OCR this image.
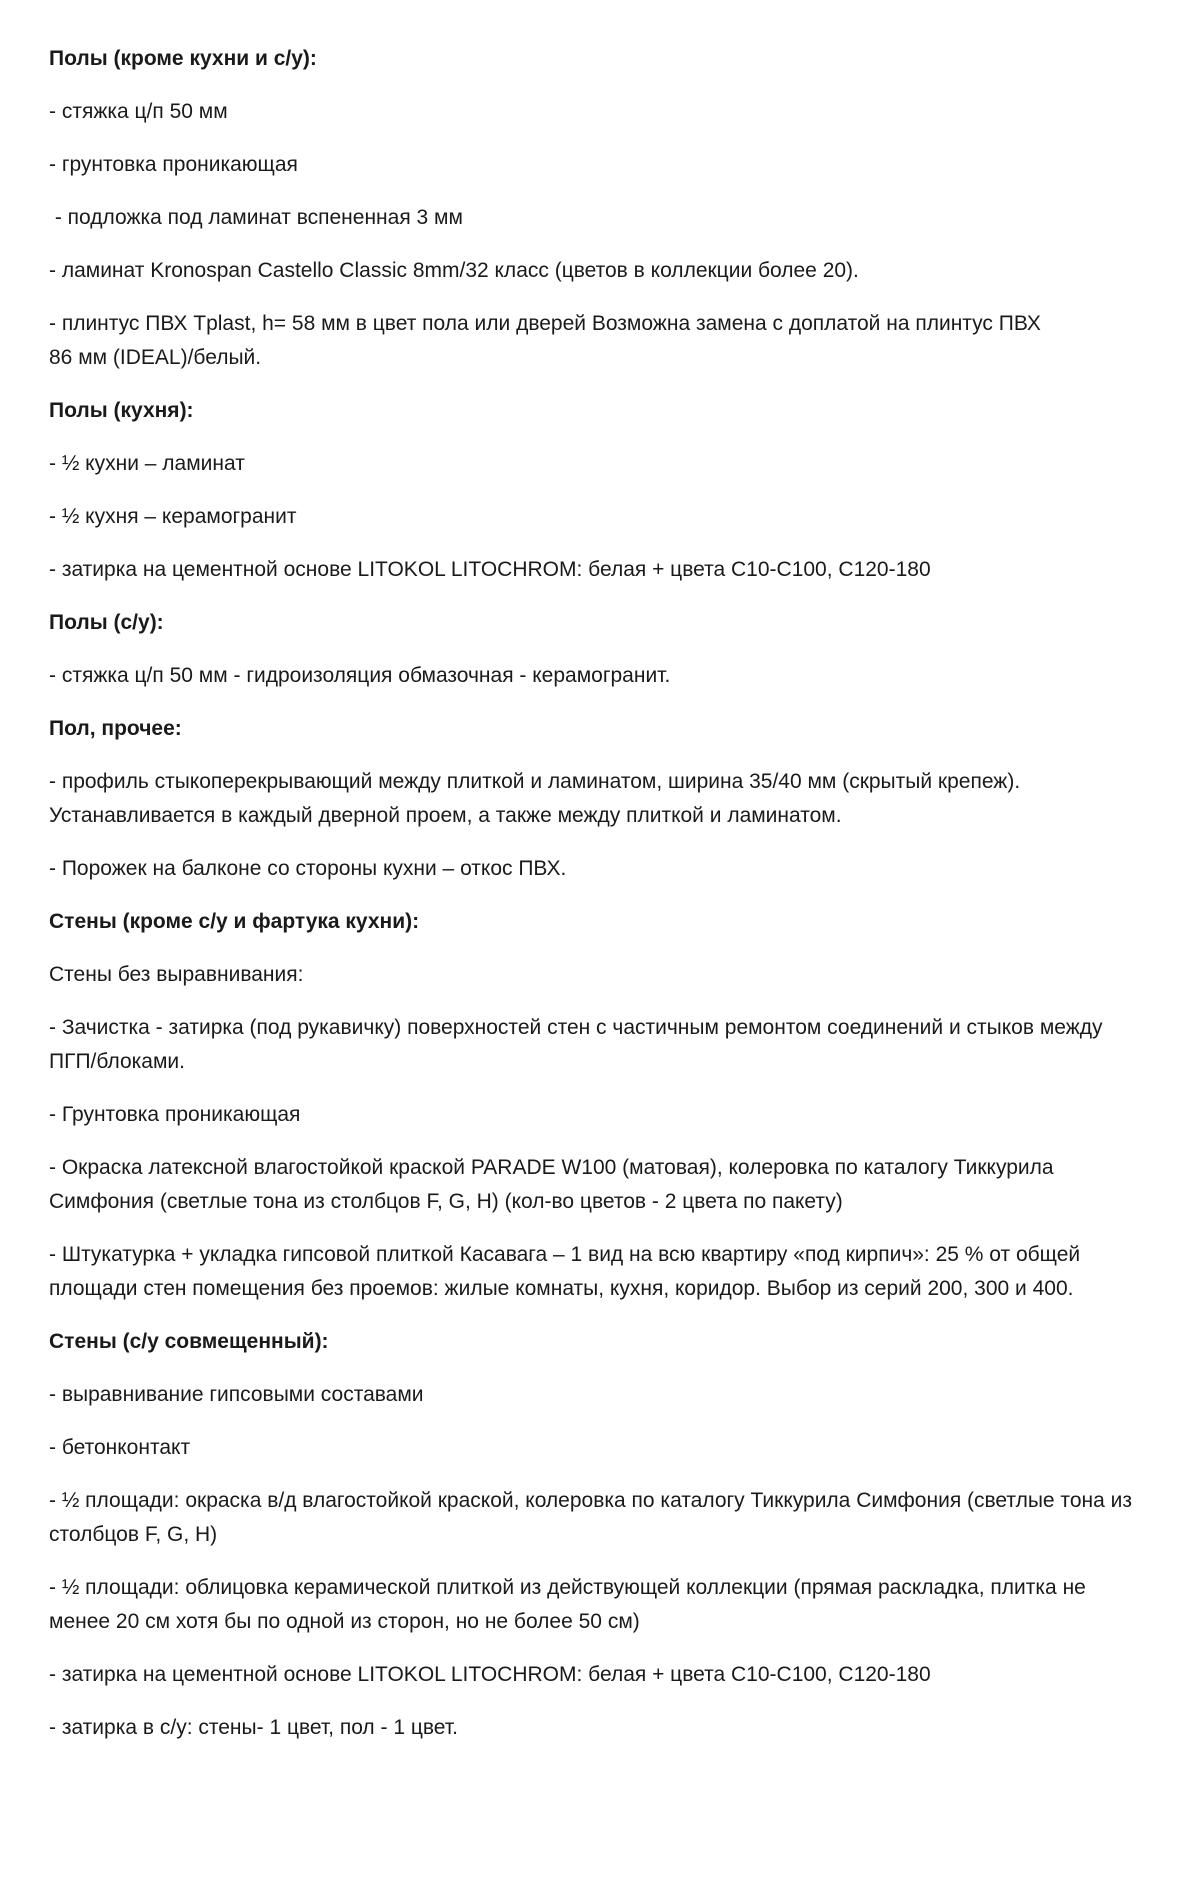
Полы (кроме кухни и с/у):
- стяжка ц/п 50 мм
- грунтовка проникающая
- подложка под ламинат вспененная 3 мм
- ламинат Kronospan Castello Classic 8mm/32 класс (цветов в коллекции более 20).
- плинтус ПВХ Tplast, h= 58 мм в цвет пола или дверей Возможна замена с доплатой на плинтус ПВХ 86 мм (IDEAL)/белый.
Полы (кухня):
- ½ кухни – ламинат
- ½ кухня – керамогранит
- затирка на цементной основе LITOKOL LITOCHROM: белая + цвета С10-С100, С120-180
Полы (с/у):
- стяжка ц/п 50 мм - гидроизоляция обмазочная - керамогранит.
Пол, прочее:
- профиль стыкоперекрывающий между плиткой и ламинатом, ширина 35/40 мм (скрытый крепеж). Устанавливается в каждый дверной проем, а также между плиткой и ламинатом.
- Порожек на балконе со стороны кухни – откос ПВХ.
Стены (кроме с/у и фартука кухни):
Стены без выравнивания:
- Зачистка - затирка (под рукавичку) поверхностей стен с частичным ремонтом соединений и стыков между ПГП/блоками.
- Грунтовка проникающая
- Окраска латексной влагостойкой краской PARADE W100 (матовая), колеровка по каталогу Тиккурила Симфония (светлые тона из столбцов F, G, H) (кол-во цветов - 2 цвета по пакету)
- Штукатурка + укладка гипсовой плиткой Касавага – 1 вид на всю квартиру «под кирпич»: 25 % от общей площади стен помещения без проемов: жилые комнаты, кухня, коридор. Выбор из серий 200, 300 и 400.
Стены (с/у совмещенный):
- выравнивание гипсовыми составами
- бетонконтакт
- ½ площади: окраска в/д влагостойкой краской, колеровка по каталогу Тиккурила Симфония (светлые тона из столбцов F, G, H)
- ½ площади: облицовка керамической плиткой из действующей коллекции (прямая раскладка, плитка не менее 20 см хотя бы по одной из сторон, но не более 50 см)
- затирка на цементной основе LITOKOL LITOCHROM: белая + цвета С10-С100, С120-180
- затирка в с/у: стены- 1 цвет, пол - 1 цвет.
